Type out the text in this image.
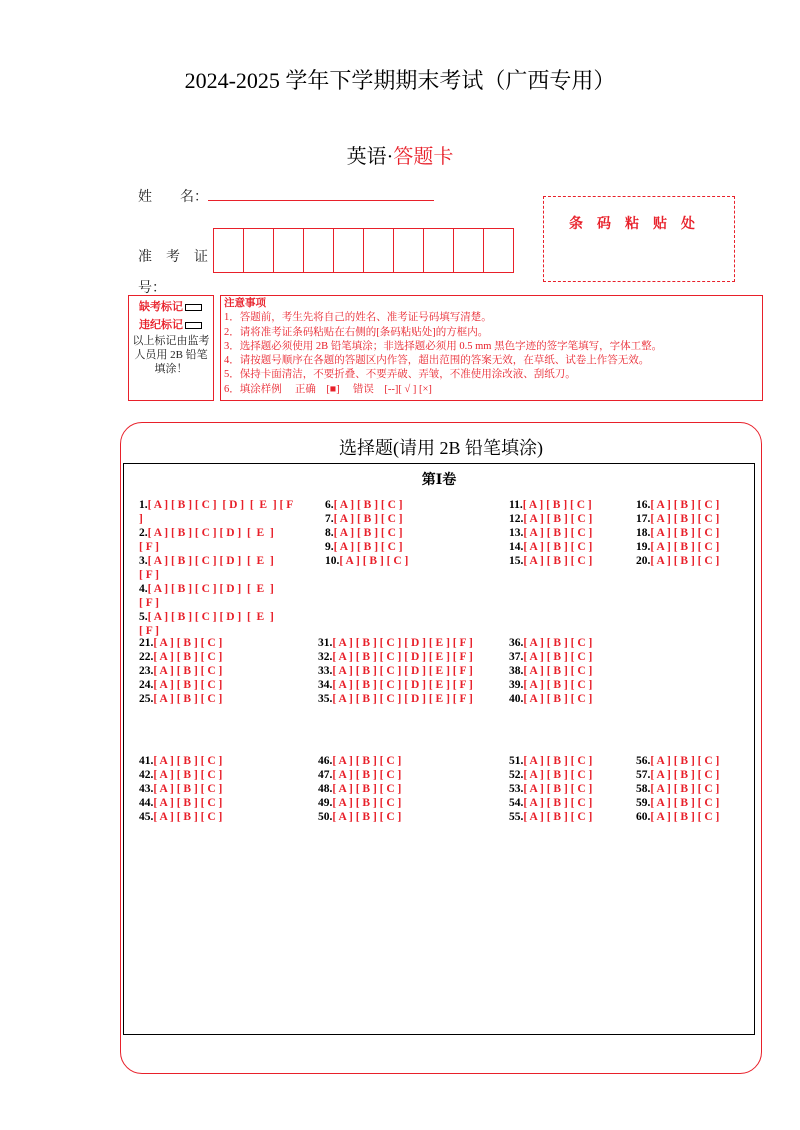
2024-2025 学年下学期期末考试（广西专用）
英语·答题卡
姓　　名：
准　考　证
号：
条码粘贴处
缺考标记
违纪标记
以上标记由监考人员用 2B 铅笔填涂！
注意事项
1．答题前，考生先将自己的姓名、准考证号码填写清楚。
2．请将准考证条码粘贴在右侧的[条码粘贴处]的方框内。
3．选择题必须使用 2B 铅笔填涂；非选择题必须用 0.5 mm 黑色字迹的签字笔填写，字体工整。
4．请按题号顺序在各题的答题区内作答，超出范围的答案无效，在草纸、试卷上作答无效。
5．保持卡面清洁，不要折叠、不要弄破、弄皱，不准使用涂改液、刮纸刀。
6．填涂样例　 正确　[■]　 错误　[--][ √ ] [×]
选择题(请用 2B 铅笔填涂)
第Ⅰ卷
1.[ A ] [ B ] [ C ]  [ D ]  [  E  ] [ F
]
2.[ A ] [ B ] [ C ] [ D ]  [  E  ]
[ F ]
3.[ A ] [ B ] [ C ] [ D ]  [  E  ]
[ F ]
4.[ A ] [ B ] [ C ] [ D ]  [  E  ]
[ F ]
5.[ A ] [ B ] [ C ] [ D ]  [  E  ]
[ F ]
6.[ A ] [ B ] [ C ]
7.[ A ] [ B ] [ C ]
8.[ A ] [ B ] [ C ]
9.[ A ] [ B ] [ C ]
10.[ A ] [ B ] [ C ]
11.[ A ] [ B ] [ C ]
12.[ A ] [ B ] [ C ]
13.[ A ] [ B ] [ C ]
14.[ A ] [ B ] [ C ]
15.[ A ] [ B ] [ C ]
16.[ A ] [ B ] [ C ]
17.[ A ] [ B ] [ C ]
18.[ A ] [ B ] [ C ]
19.[ A ] [ B ] [ C ]
20.[ A ] [ B ] [ C ]
21.[ A ] [ B ] [ C ]
22.[ A ] [ B ] [ C ]
23.[ A ] [ B ] [ C ]
24.[ A ] [ B ] [ C ]
25.[ A ] [ B ] [ C ]
31.[ A ] [ B ] [ C ] [ D ] [ E ] [ F ]
32.[ A ] [ B ] [ C ] [ D ] [ E ] [ F ]
33.[ A ] [ B ] [ C ] [ D ] [ E ] [ F ]
34.[ A ] [ B ] [ C ] [ D ] [ E ] [ F ]
35.[ A ] [ B ] [ C ] [ D ] [ E ] [ F ]
36.[ A ] [ B ] [ C ]
37.[ A ] [ B ] [ C ]
38.[ A ] [ B ] [ C ]
39.[ A ] [ B ] [ C ]
40.[ A ] [ B ] [ C ]
41.[ A ] [ B ] [ C ]
42.[ A ] [ B ] [ C ]
43.[ A ] [ B ] [ C ]
44.[ A ] [ B ] [ C ]
45.[ A ] [ B ] [ C ]
46.[ A ] [ B ] [ C ]
47.[ A ] [ B ] [ C ]
48.[ A ] [ B ] [ C ]
49.[ A ] [ B ] [ C ]
50.[ A ] [ B ] [ C ]
51.[ A ] [ B ] [ C ]
52.[ A ] [ B ] [ C ]
53.[ A ] [ B ] [ C ]
54.[ A ] [ B ] [ C ]
55.[ A ] [ B ] [ C ]
56.[ A ] [ B ] [ C ]
57.[ A ] [ B ] [ C ]
58.[ A ] [ B ] [ C ]
59.[ A ] [ B ] [ C ]
60.[ A ] [ B ] [ C ]
